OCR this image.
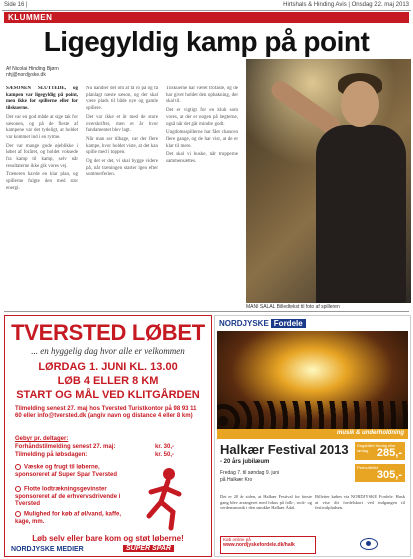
Side 16 |	Hirtshals & Hinding Avis | Onsdag 22. maj 2013
KLUMMEN
Ligegyldig kamp på point
Af Nicolai Hinding Bjørn
nhj@nordjyske.dk

SÆSONEN SLUTTEDE, og kampen var ligegyldig på point, men ikke for spillerne eller for tilskuerne.

Det var en god måde at sige tak for sæsonen, og på de fleste af kampene var det tydeligt, at holdet var kommet ind i en rytme.

Der var mange gode øjeblikke i løbet af foråret, og holdet voksede fra kamp til kamp, selv når resultaterne ikke gik vores vej.

Træneren havde en klar plan, og spillerne fulgte den med stor energi.

Nu handler det om at få ro på og få planlagt næste sæson, og der skal være plads til både nye og gamle spillere.

Det var ikke et år med de store overskrifter, men et år hvor fundamentet blev lagt.

Når man ser tilbage, var der flere kampe, hvor holdet viste, at det kan spille med i toppen.

Og det er det, vi skal bygge videre på, når træningen starter igen efter sommerferien.

Tilskuerne har været trofaste, og de har givet holdet den opbakning, der skal til.

Det er vigtigt for en klub som vores, at der er nogen på lægterne, også når det går mindre godt.

Ungdomsspillerne har fået chancen flere gange, og de har vist, at de er klar til mere.

Det skal vi huske, når trupperne sammensættes.

MANI SALAL Billedtekst til foto af spilleren
TVERSTED LØBET
... en hyggelig dag hvor alle er velkommen
LØRDAG 1. JUNI KL. 13.00
LØB 4 ELLER 8 KM
START OG MÅL VED KLITGÅRDEN
Tilmelding senest 27. maj hos Tversted Turistkontor på 98 93 11 60 eller info@tversted.dk (angiv navn og distance 4 eller 8 km)
Gebyr pr. deltager:
Forhåndstilmelding senest 27. maj:	kr. 30,-
Tilmelding på løbsdagen:	kr. 50,-
Væske og frugt til løberne, sponsoreret af Super Spar Tversted
Flotte lodtrækningsgevinster sponsoreret af de erhvervsdrivende i Tversted
Mulighed for køb af øl/vand, kaffe, kage, mm.
Løb selv eller bare kom og støt løberne!
NORDJYSKE MEDIER	SUPER SPAR
NORDJYSKE Fordele
musik & underholdning
Halkær Festival 2013
- 20 års jubilæum
Fredag 7. til søndag 9. juni
på Halkær Kro
Dagsbillet fredag eller lørdag 285,-
Partoutbillet
305,-
Det er 20 år siden, at Halkær Festival for første gang blev arrangeret med fokus på folk-, rock- og verdensmusik i den smukke Halkær Ådal.
Billetter købes via NORDJYSKE Fordele. Husk at vise dit fordelskort ved indgangen til festivalpladsen.
Køb online på
www.nordjyskefordele.dk/halk
